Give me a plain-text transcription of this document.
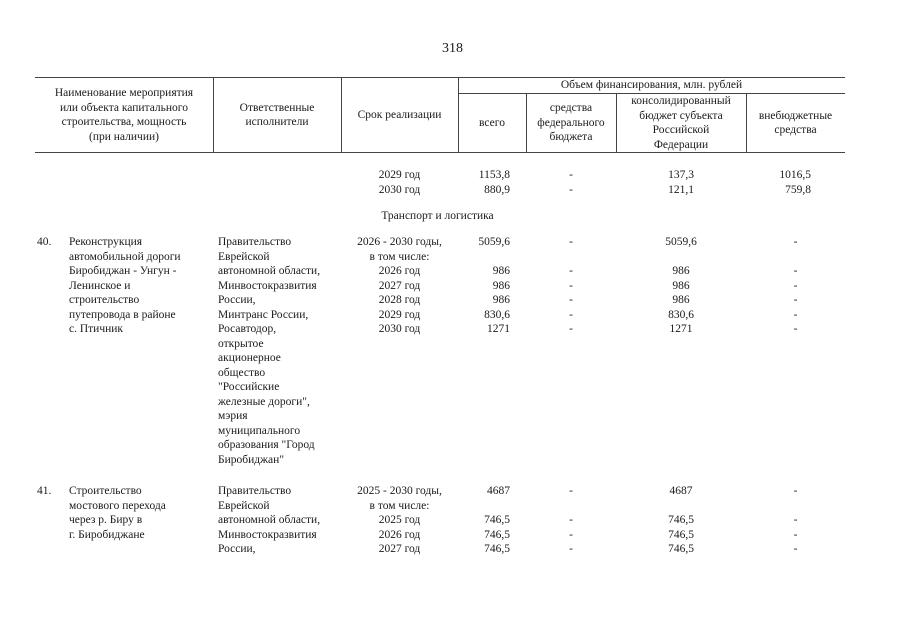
318
Наименование мероприятия
или объекта капитального
строительства, мощность
(при наличии)
Ответственные
исполнители
Срок реализации
Объем финансирования, млн. рублей
всего
средства
федерального
бюджета
консолидированный
бюджет субъекта
Российской
Федерации
внебюджетные
средства
2029 год
2030 год
1153,8
880,9
-
-
137,3
121,1
1016,5
759,8
Транспорт и логистика
40. Реконструкция
автомобильной дороги
Биробиджан - Унгун -
Ленинское и
строительство
путепровода в районе
с. Птичник
Правительство
Еврейской
автономной области,
Минвостокразвития
России,
Минтранс России,
Росавтодор,
открытое
акционерное
общество
"Российские
железные дороги",
мэрия
муниципального
образования "Город
Биробиджан"
2026 - 2030 годы,
в том числе:
2026 год
2027 год
2028 год
2029 год
2030 год
5059,6
986
986
986
830,6
1271
-
-
-
-
-
-
5059,6
986
986
986
830,6
1271
-
-
-
-
-
-
41. Строительство
мостового перехода
через р. Биру в
г. Биробиджане
Правительство
Еврейской
автономной области,
Минвостокразвития
России,
2025 - 2030 годы,
в том числе:
2025 год
2026 год
2027 год
4687
746,5
746,5
746,5
-
-
-
-
4687
746,5
746,5
746,5
-
-
-
-
